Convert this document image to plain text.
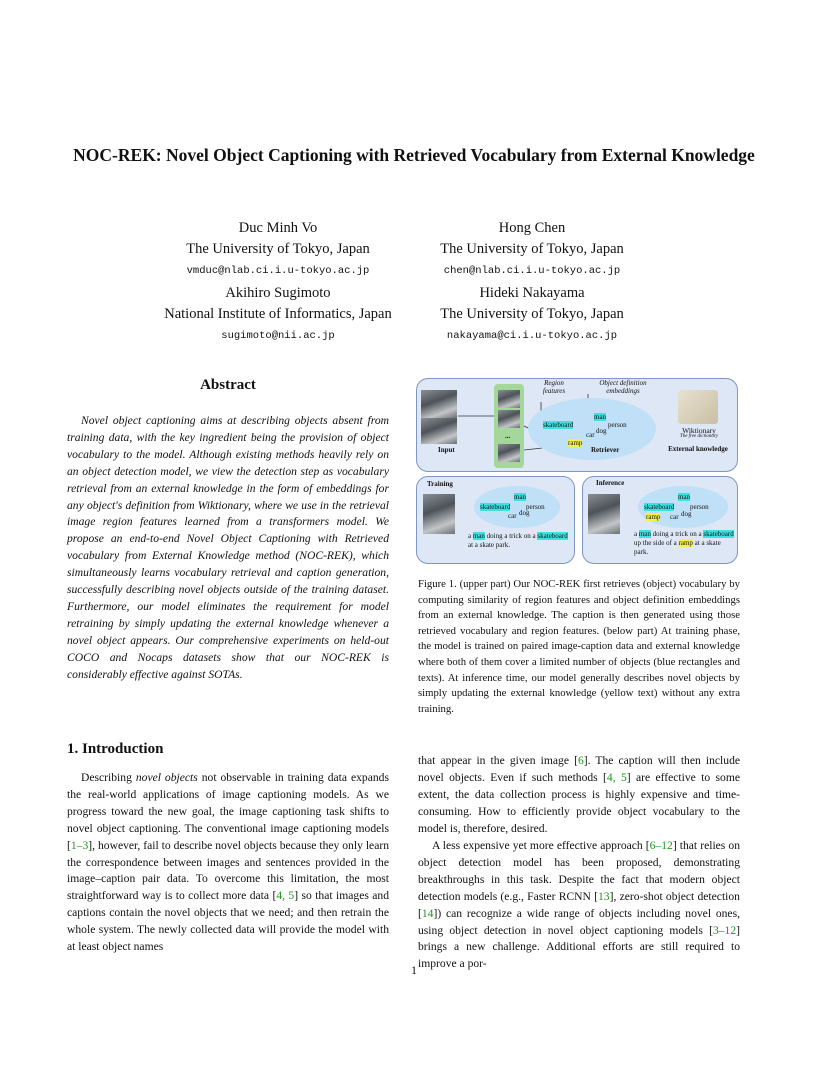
NOC-REK: Novel Object Captioning with Retrieved Vocabulary from External Knowledge
Duc Minh Vo
The University of Tokyo, Japan
vmduc@nlab.ci.i.u-tokyo.ac.jp
Hong Chen
The University of Tokyo, Japan
chen@nlab.ci.i.u-tokyo.ac.jp
Akihiro Sugimoto
National Institute of Informatics, Japan
sugimoto@nii.ac.jp
Hideki Nakayama
The University of Tokyo, Japan
nakayama@ci.i.u-tokyo.ac.jp
Abstract

Novel object captioning aims at describing objects absent from training data, with the key ingredient being the provision of object vocabulary to the model. Although existing methods heavily rely on an object detection model, we view the detection step as vocabulary retrieval from an external knowledge in the form of embeddings for any object's definition from Wiktionary, where we use in the retrieval image region features learned from a transformers model. We propose an end-to-end Novel Object Captioning with Retrieved vocabulary from External Knowledge method (NOC-REK), which simultaneously learns vocabulary retrieval and caption generation, successfully describing novel objects outside of the training dataset. Furthermore, our model eliminates the requirement for model retraining by simply updating the external knowledge whenever a novel object appears. Our comprehensive experiments on held-out COCO and Nocaps datasets show that our NOC-REK is considerably effective against SOTAs.

1. Introduction

Describing novel objects not observable in training data expands the real-world applications of image captioning models. As we progress toward the new goal, the image captioning task shifts to novel object captioning. The conventional image captioning models [1–3], however, fail to describe novel objects because they only learn the correspondence between images and sentences provided in the image–caption pair data. To overcome this limitation, the most straightforward way is to collect more data [4, 5] so that images and captions contain the novel objects that we need; and then retrain the whole system. The newly collected data will provide the model with at least object names

that appear in the given image [6]. The caption will then include novel objects. Even if such methods [4, 5] are effective to some extent, the data collection process is highly expensive and time-consuming. How to efficiently provide object vocabulary to the model is, therefore, desired.

A less expensive yet more effective approach [6–12] that relies on object detection model has been proposed, demonstrating breakthroughs in this task. Despite the fact that modern object detection models (e.g., Faster RCNN [13], zero-shot object detection [14]) can recognize a wide range of objects including novel ones, using object detection in novel object captioning models [3–12] brings a new challenge. Additional efforts are still required to improve a por-

Region features
Object definition embeddings
Input
...
man
person
skateboard
car dog
ramp
Retriever
Wiktionary
The free dictionary
External knowledge
Training
man
skateboard person
car dog
a man doing a trick on a skateboard at a skate park.
Inference
man
skateboard person
ramp car dog
a man doing a trick on a skateboard up the side of a ramp at a skate park.

Figure 1. (upper part) Our NOC-REK first retrieves (object) vocabulary by computing similarity of region features and object definition embeddings from an external knowledge. The caption is then generated using those retrieved vocabulary and region features. (below part) At training phase, the model is trained on paired image-caption data and external knowledge where both of them cover a limited number of objects (blue rectangles and texts). At inference time, our model generally describes novel objects by simply updating the external knowledge (yellow text) without any extra training.

1
